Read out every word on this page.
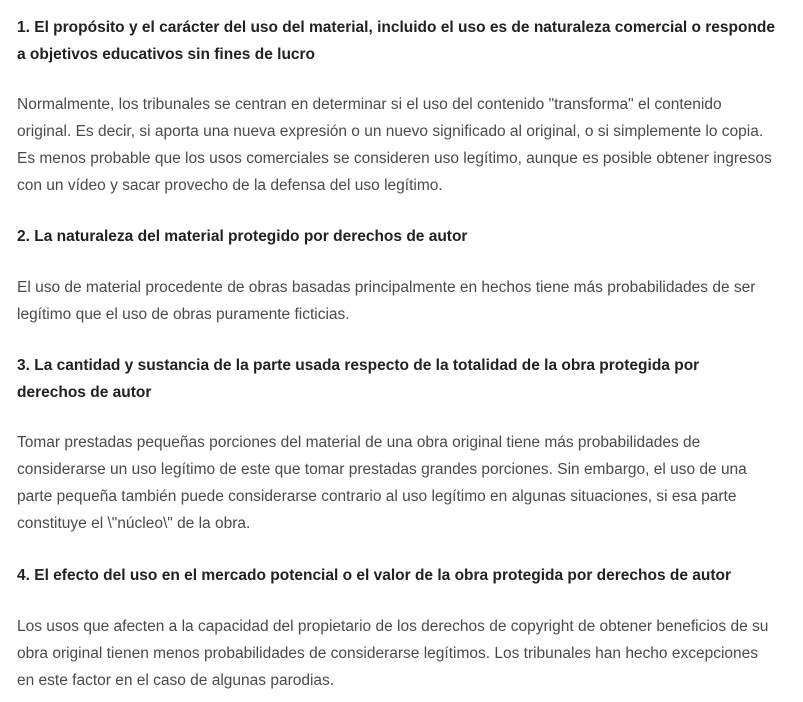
1. El propósito y el carácter del uso del material, incluido el uso es de naturaleza comercial o responde a objetivos educativos sin fines de lucro

Normalmente, los tribunales se centran en determinar si el uso del contenido "transforma" el contenido original. Es decir, si aporta una nueva expresión o un nuevo significado al original, o si simplemente lo copia. Es menos probable que los usos comerciales se consideren uso legítimo, aunque es posible obtener ingresos con un vídeo y sacar provecho de la defensa del uso legítimo.

2. La naturaleza del material protegido por derechos de autor

El uso de material procedente de obras basadas principalmente en hechos tiene más probabilidades de ser legítimo que el uso de obras puramente ficticias.

3. La cantidad y sustancia de la parte usada respecto de la totalidad de la obra protegida por derechos de autor

Tomar prestadas pequeñas porciones del material de una obra original tiene más probabilidades de considerarse un uso legítimo de este que tomar prestadas grandes porciones. Sin embargo, el uso de una parte pequeña también puede considerarse contrario al uso legítimo en algunas situaciones, si esa parte constituye el \"núcleo\" de la obra.

4. El efecto del uso en el mercado potencial o el valor de la obra protegida por derechos de autor

Los usos que afecten a la capacidad del propietario de los derechos de copyright de obtener beneficios de su obra original tienen menos probabilidades de considerarse legítimos. Los tribunales han hecho excepciones en este factor en el caso de algunas parodias.
